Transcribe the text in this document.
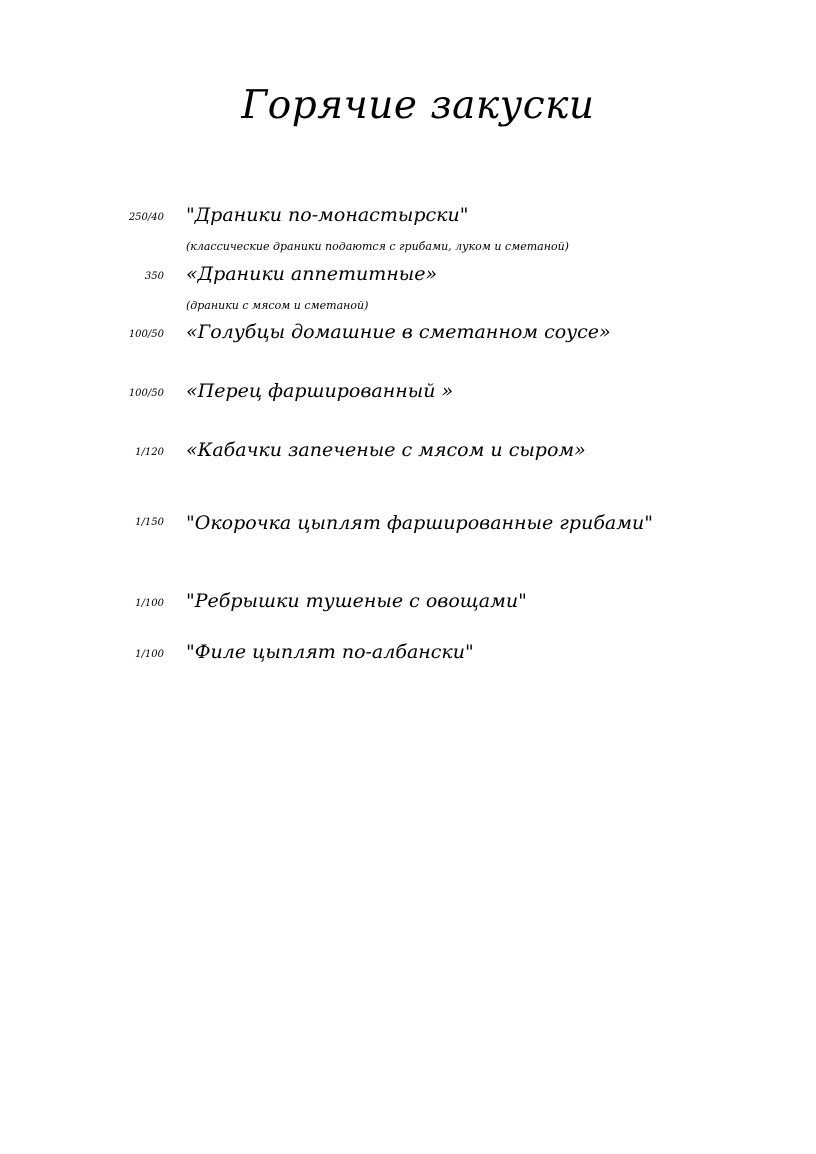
Горячие закуски
250/40 "Драники по-монастырски"
(классические драники подаются с грибами, луком и сметаной)
350 «Драники аппетитные»
(драники с мясом и сметаной)
100/50 «Голубцы домашние в сметанном соусе»
100/50 «Перец фаршированный »
1/120 «Кабачки запеченые с мясом и сыром»
1/150 "Окорочка цыплят фаршированные грибами"
1/100 "Ребрышки тушеные с овощами"
1/100 "Филе цыплят по-албански"
